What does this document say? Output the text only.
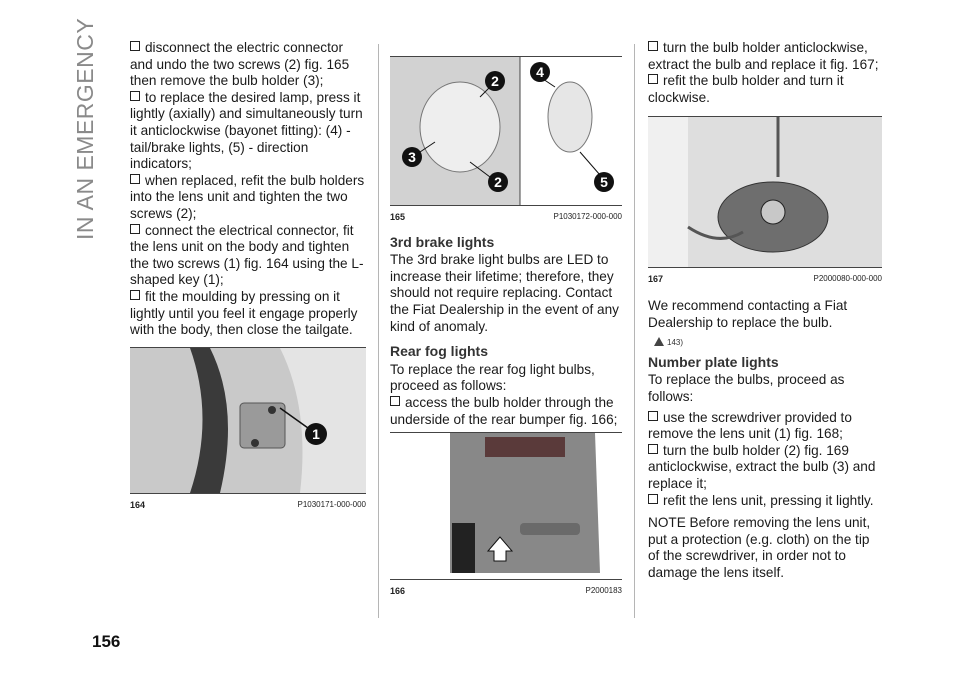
IN AN EMERGENCY
156

disconnect the electric connector and undo the two screws (2) fig. 165 then remove the bulb holder (3);

to replace the desired lamp, press it lightly (axially) and simultaneously turn it anticlockwise (bayonet fitting): (4) - tail/brake lights, (5) - direction indicators;

when replaced, refit the bulb holders into the lens unit and tighten the two screws (2);

connect the electrical connector, fit the lens unit on the body and tighten the two screws (1) fig. 164 using the L-shaped key (1);

fit the moulding by pressing on it lightly until you feel it engage properly with the body, then close the tailgate.

1
164	P1030171-000-000
2
3
2
4
5
165	P1030172-000-000
3rd brake lights

The 3rd brake light bulbs are LED to increase their lifetime; therefore, they should not require replacing. Contact the Fiat Dealership in the event of any kind of anomaly.

Rear fog lights

To replace the rear fog light bulbs, proceed as follows:

access the bulb holder through the underside of the rear bumper fig. 166;

166	P2000183

turn the bulb holder anticlockwise, extract the bulb and replace it fig. 167;

refit the bulb holder and turn it clockwise.

167	P2000080-000-000

We recommend contacting a Fiat Dealership to replace the bulb.

143)
Number plate lights

To replace the bulbs, proceed as follows:

use the screwdriver provided to remove the lens unit (1) fig. 168;

turn the bulb holder (2) fig. 169 anticlockwise, extract the bulb (3) and replace it;

refit the lens unit, pressing it lightly.

NOTE Before removing the lens unit, put a protection (e.g. cloth) on the tip of the screwdriver, in order not to damage the lens itself.
